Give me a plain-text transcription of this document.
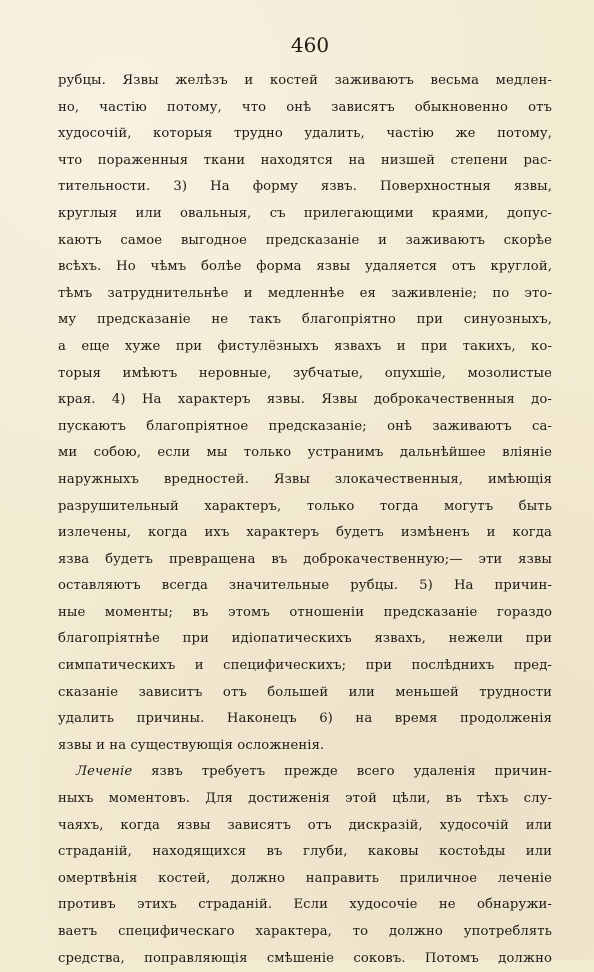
460
рубцы. Язвы желѣзъ и костей заживаютъ весьма медлен-
но, частію потому, что онѣ зависятъ обыкновенно отъ
худосочій, которыя трудно удалить, частію же потому,
что пораженныя ткани находятся на низшей степени рас-
тительности. 3) На форму язвъ. Поверхностныя язвы,
круглыя или овальныя, съ прилегающими краями, допус-
каютъ самое выгодное предсказаніе и заживаютъ скорѣе
всѣхъ. Но чѣмъ болѣе форма язвы удаляется отъ круглой,
тѣмъ затруднительнѣе и медленнѣе ея заживленіе; по это-
му предсказаніе не такъ благопріятно при синуозныхъ,
а еще хуже при фистулёзныхъ язвахъ и при такихъ, ко-
торыя имѣютъ неровные, зубчатые, опухшіе, мозолистые
края. 4) На характеръ язвы. Язвы доброкачественныя до-
пускаютъ благопріятное предсказаніе; онѣ заживаютъ са-
ми собою, если мы только устранимъ дальнѣйшее вліяніе
наружныхъ вредностей. Язвы злокачественныя, имѣющія
разрушительный характеръ, только тогда могутъ быть
излечены, когда ихъ характеръ будетъ измѣненъ и когда
язва будетъ превращена въ доброкачественную;— эти язвы
оставляютъ всегда значительные рубцы. 5) На причин-
ные моменты; въ этомъ отношеніи предсказаніе гораздо
благопріятнѣе при идіопатическихъ язвахъ, нежели при
симпатическихъ и специфическихъ; при послѣднихъ пред-
сказаніе зависитъ отъ большей или меньшей трудности
удалить причины. Наконецъ 6) на время продолженія
язвы и на существующія осложненія.
Леченіе язвъ требуетъ прежде всего удаленія причин-
ныхъ моментовъ. Для достиженія этой цѣли, въ тѣхъ слу-
чаяхъ, когда язвы зависятъ отъ дискразій, худосочій или
страданій, находящихся въ глуби, каковы костоѣды или
омертвѣнія костей, должно направить приличное леченіе
противъ этихъ страданій. Если худосочіе не обнаружи-
ваетъ специфическаго характера, то должно употреблять
средства, поправляющія смѣшеніе соковъ. Потомъ должно
